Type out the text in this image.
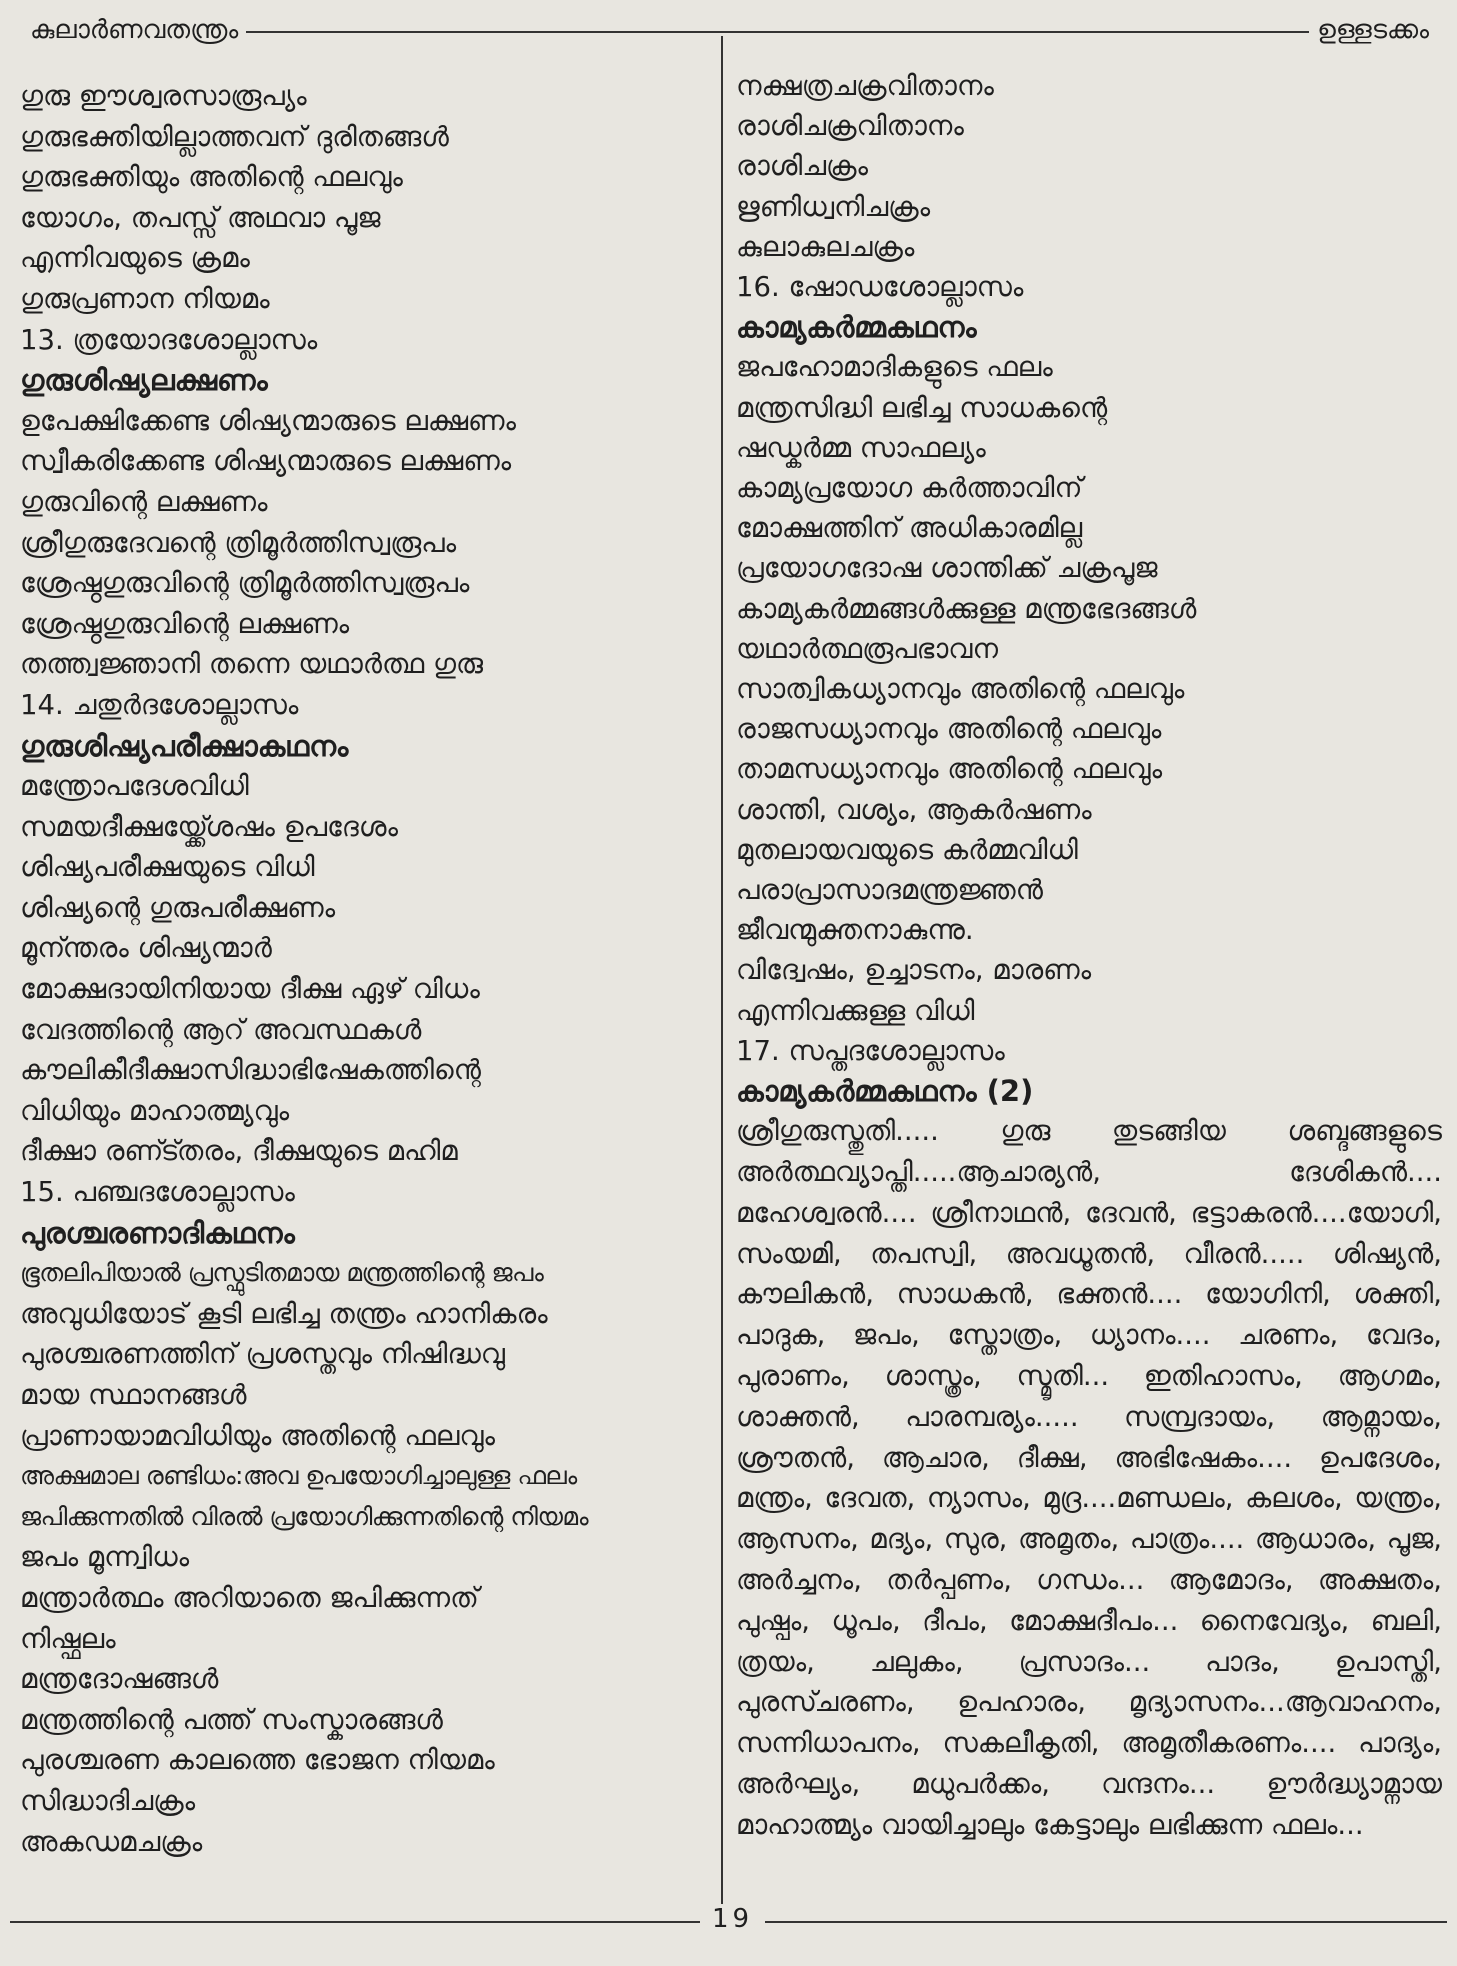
കുലാർണവതന്ത്രം	ഉള്ളടക്കം

ഗുരു ഈശ്വരസാരൂപ്യം

ഗുരുഭക്തിയില്ലാത്തവന് ദുരിതങ്ങൾ

ഗുരുഭക്തിയും അതിന്റെ ഫലവും

യോഗം, തപസ്സ് അഥവാ പൂജ

എന്നിവയുടെ ക്രമം

ഗുരുപ്രണാന നിയമം

13. ത്രയോദശോല്ലാസം

ഗുരുശിഷ്യലക്ഷണം

ഉപേക്ഷിക്കേണ്ട ശിഷ്യന്മാരുടെ ലക്ഷണം

സ്വീകരിക്കേണ്ട ശിഷ്യന്മാരുടെ ലക്ഷണം

ഗുരുവിന്റെ ലക്ഷണം

ശ്രീഗുരുദേവന്റെ ത്രിമൂർത്തിസ്വരൂപം

ശ്രേഷ്ഠഗുരുവിന്റെ ത്രിമൂർത്തിസ്വരൂപം

ശ്രേഷ്ഠഗുരുവിന്റെ ലക്ഷണം

തത്ത്വജ്ഞാനി തന്നെ യഥാർത്ഥ ഗുരു

14. ചതുർദശോല്ലാസം

ഗുരുശിഷ്യപരീക്ഷാകഥനം

മന്ത്രോപദേശവിധി

സമയദീക്ഷയ്ക്ക്ശേഷം ഉപദേശം

ശിഷ്യപരീക്ഷയുടെ വിധി

ശിഷ്യന്റെ ഗുരുപരീക്ഷണം

മൂന്ന്തരം ശിഷ്യന്മാർ

മോക്ഷദായിനിയായ ദീക്ഷ ഏഴ് വിധം

വേദത്തിന്റെ ആറ് അവസ്ഥകൾ

കൗലികീദീക്ഷാസിദ്ധാഭിഷേകത്തിന്റെ

വിധിയും മാഹാത്മ്യവും

ദീക്ഷാ രണ്ട്തരം, ദീക്ഷയുടെ മഹിമ

15. പഞ്ചദശോല്ലാസം

പുരശ്ചരണാദികഥനം

ഭൂതലിപിയാൽ പ്രസ്ഫുടിതമായ മന്ത്രത്തിന്റെ ജപം

അവുധിയോട് കൂടി ലഭിച്ച തന്ത്രം ഹാനികരം

പുരശ്ചരണത്തിന് പ്രശസ്തവും നിഷിദ്ധവു

മായ സ്ഥാനങ്ങൾ

പ്രാണായാമവിധിയും അതിന്റെ ഫലവും

അക്ഷമാല രണ്ടിധം:അവ ഉപയോഗിച്ചാലുള്ള ഫലം

ജപിക്കുന്നതിൽ വിരൽ പ്രയോഗിക്കുന്നതിന്റെ നിയമം

ജപം മൂന്ന്വിധം

മന്ത്രാർത്ഥം അറിയാതെ ജപിക്കുന്നത്

നിഷ്ഫലം

മന്ത്രദോഷങ്ങൾ

മന്ത്രത്തിന്റെ പത്ത് സംസ്കാരങ്ങൾ

പുരശ്ചരണ കാലത്തെ ഭോജന നിയമം

സിദ്ധാദിചക്രം

അകഡമചക്രം

നക്ഷത്രചക്രവിതാനം

രാശിചക്രവിതാനം

രാശിചക്രം

ഋണിധ്വനിചക്രം

കുലാകുലചക്രം

16. ഷോഡശോല്ലാസം

കാമ്യകർമ്മകഥനം

ജപഹോമാദികളുടെ ഫലം

മന്ത്രസിദ്ധി ലഭിച്ച സാധകന്റെ

ഷഡ്കർമ്മ സാഫല്യം

കാമ്യപ്രയോഗ കർത്താവിന്

മോക്ഷത്തിന് അധികാരമില്ല

പ്രയോഗദോഷ ശാന്തിക്ക് ചക്രപൂജ

കാമ്യകർമ്മങ്ങൾക്കുള്ള മന്ത്രഭേദങ്ങൾ

യഥാർത്ഥരൂപഭാവന

സാത്വികധ്യാനവും അതിന്റെ ഫലവും

രാജസധ്യാനവും അതിന്റെ ഫലവും

താമസധ്യാനവും അതിന്റെ ഫലവും

ശാന്തി, വശ്യം, ആകർഷണം

മുതലായവയുടെ കർമ്മവിധി

പരാപ്രാസാദമന്ത്രജ്ഞൻ

ജീവന്മുക്തനാകുന്നു.

വിദ്വേഷം, ഉച്ചാടനം, മാരണം

എന്നിവക്കുള്ള വിധി

17. സപ്തദശോല്ലാസം

കാമ്യകർമ്മകഥനം (2)

ശ്രീഗുരുസ്തുതി..... ഗുരു തുടങ്ങിയ ശബ്ദങ്ങളുടെ അർത്ഥവ്യാപ്തി.....ആചാര്യൻ, ദേശികൻ.... മഹേശ്വരൻ.... ശ്രീനാഥൻ, ദേവൻ, ഭട്ടാകരൻ....യോഗി, സംയമി, തപസ്വി, അവധൂതൻ, വീരൻ..... ശിഷ്യൻ, കൗലികൻ, സാധകൻ, ഭക്തൻ.... യോഗിനി, ശക്തി, പാദുക, ജപം, സ്തോത്രം, ധ്യാനം.... ചരണം, വേദം, പുരാണം, ശാസ്ത്രം, സ്മൃതി... ഇതിഹാസം, ആഗമം, ശാക്തൻ, പാരമ്പര്യം..... സമ്പ്രദായം, ആമ്നായം, ശ്രൗതൻ, ആചാര, ദീക്ഷ, അഭിഷേകം.... ഉപദേശം, മന്ത്രം, ദേവത, ന്യാസം, മുദ്ര....മണ്ഡലം, കലശം, യന്ത്രം, ആസനം, മദ്യം, സുര, അമൃതം, പാത്രം.... ആധാരം, പൂജ, അർച്ചനം, തർപ്പണം, ഗന്ധം... ആമോദം, അക്ഷതം, പുഷ്പം, ധൂപം, ദീപം, മോക്ഷദീപം... നൈവേദ്യം, ബലി, ത്രയം, ചലുകം, പ്രസാദം... പാദം, ഉപാസ്തി, പുരസ്ചരണം, ഉപഹാരം, മൃദ്യാസനം...ആവാഹനം, സന്നിധാപനം, സകലീകൃതി, അമൃതീകരണം.... പാദ്യം, അർഘ്യം, മധുപർക്കം, വന്ദനം... ഊർദ്ധ്യാമ്നായ മാഹാത്മ്യം വായിച്ചാലും കേട്ടാലും ലഭിക്കുന്ന ഫലം...

19
